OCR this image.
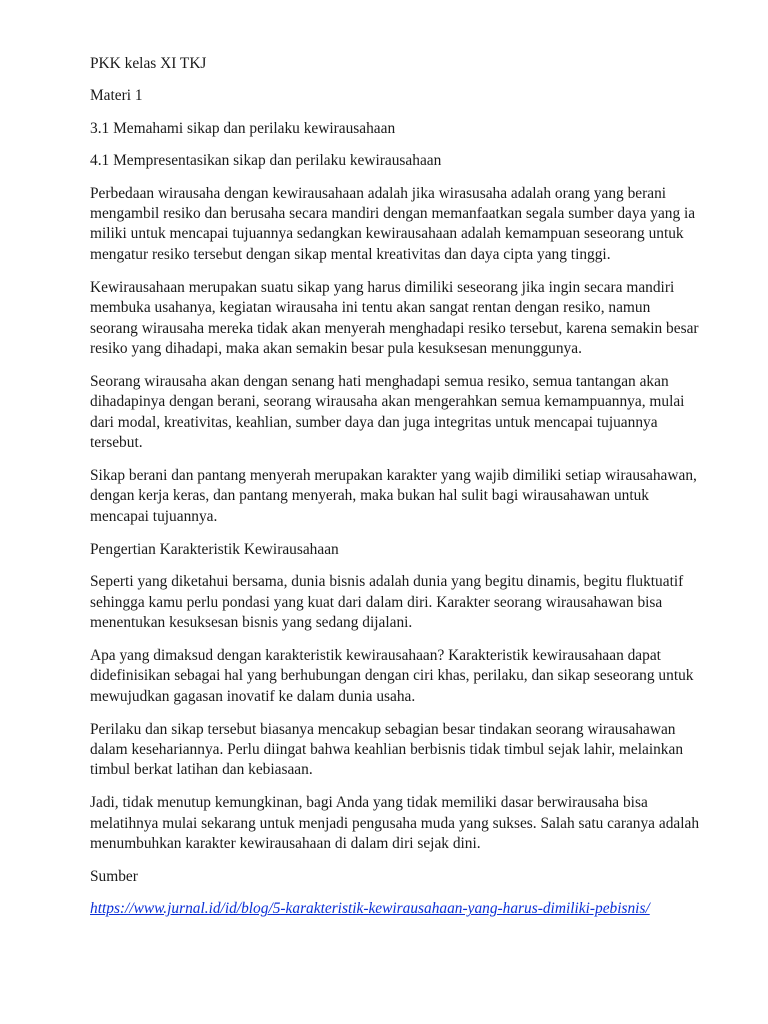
PKK kelas XI TKJ

Materi 1

3.1 Memahami sikap dan perilaku kewirausahaan

4.1 Mempresentasikan sikap dan perilaku kewirausahaan

Perbedaan wirausaha dengan kewirausahaan adalah jika wirasusaha adalah orang yang berani mengambil resiko dan berusaha secara mandiri dengan memanfaatkan segala sumber daya yang ia miliki untuk mencapai tujuannya sedangkan kewirausahaan adalah kemampuan seseorang untuk mengatur resiko tersebut dengan sikap mental kreativitas dan daya cipta yang tinggi.

Kewirausahaan merupakan suatu sikap yang harus dimiliki seseorang jika ingin secara mandiri membuka usahanya, kegiatan wirausaha ini tentu akan sangat rentan dengan resiko, namun seorang wirausaha mereka tidak akan menyerah menghadapi resiko tersebut, karena semakin besar resiko yang dihadapi, maka akan semakin besar pula kesuksesan menunggunya.

Seorang wirausaha akan dengan senang hati menghadapi semua resiko, semua tantangan akan dihadapinya dengan berani, seorang wirausaha akan mengerahkan semua kemampuannya, mulai dari modal, kreativitas, keahlian, sumber daya dan juga integritas untuk mencapai tujuannya tersebut.

Sikap berani dan pantang menyerah merupakan karakter yang wajib dimiliki setiap wirausahawan, dengan kerja keras, dan pantang menyerah, maka bukan hal sulit bagi wirausahawan untuk mencapai tujuannya.

Pengertian Karakteristik Kewirausahaan

Seperti yang diketahui bersama, dunia bisnis adalah dunia yang begitu dinamis, begitu fluktuatif sehingga kamu perlu pondasi yang kuat dari dalam diri. Karakter seorang wirausahawan bisa menentukan kesuksesan bisnis yang sedang dijalani.

Apa yang dimaksud dengan karakteristik kewirausahaan? Karakteristik kewirausahaan dapat didefinisikan sebagai hal yang berhubungan dengan ciri khas, perilaku, dan sikap seseorang untuk mewujudkan gagasan inovatif ke dalam dunia usaha.

Perilaku dan sikap tersebut biasanya mencakup sebagian besar tindakan seorang wirausahawan dalam kesehariannya. Perlu diingat bahwa keahlian berbisnis tidak timbul sejak lahir, melainkan timbul berkat latihan dan kebiasaan.

Jadi, tidak menutup kemungkinan, bagi Anda yang tidak memiliki dasar berwirausaha bisa melatihnya mulai sekarang untuk menjadi pengusaha muda yang sukses. Salah satu caranya adalah menumbuhkan karakter kewirausahaan di dalam diri sejak dini.

Sumber

https://www.jurnal.id/id/blog/5-karakteristik-kewirausahaan-yang-harus-dimiliki-pebisnis/
